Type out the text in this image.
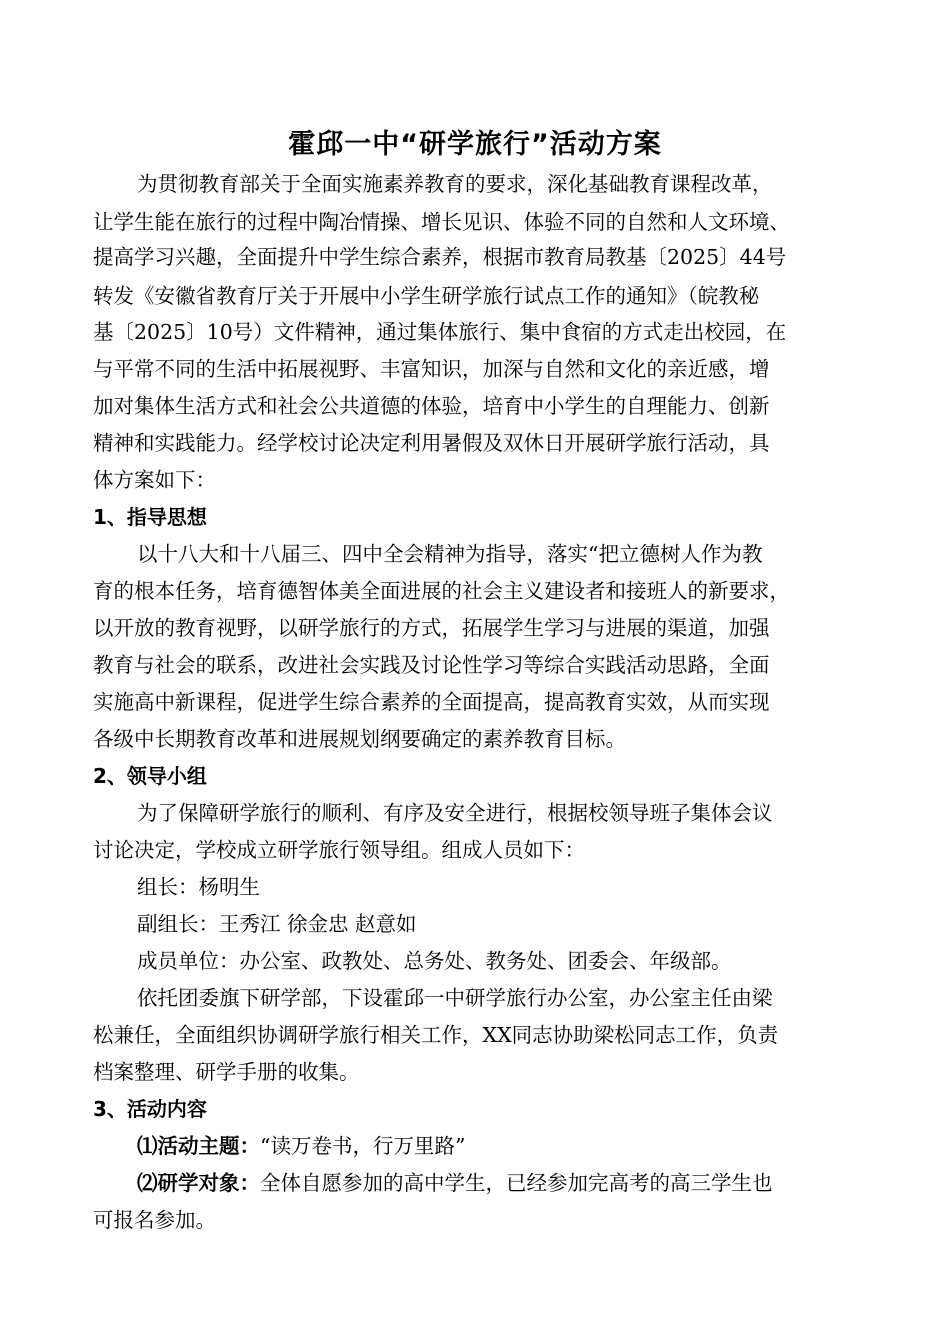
霍邱一中“研学旅行”活动方案
为贯彻教育部关于全面实施素养教育的要求，深化基础教育课程改革，
让学生能在旅行的过程中陶冶情操、增长见识、体验不同的自然和人文环境、
提高学习兴趣，全面提升中学生综合素养，根据市教育局教基〔2025〕44号
转发《安徽省教育厅关于开展中小学生研学旅行试点工作的通知》（皖教秘
基〔2025〕10号）文件精神，通过集体旅行、集中食宿的方式走出校园，在
与平常不同的生活中拓展视野、丰富知识，加深与自然和文化的亲近感，增
加对集体生活方式和社会公共道德的体验，培育中小学生的自理能力、创新
精神和实践能力。经学校讨论决定利用暑假及双休日开展研学旅行活动，具
体方案如下：
1、指导思想
以十八大和十八届三、四中全会精神为指导，落实“把立德树人作为教
育的根本任务，培育德智体美全面进展的社会主义建设者和接班人的新要求，
以开放的教育视野，以研学旅行的方式，拓展学生学习与进展的渠道，加强
教育与社会的联系，改进社会实践及讨论性学习等综合实践活动思路，全面
实施高中新课程，促进学生综合素养的全面提高，提高教育实效，从而实现
各级中长期教育改革和进展规划纲要确定的素养教育目标。
2、领导小组
为了保障研学旅行的顺利、有序及安全进行，根据校领导班子集体会议
讨论决定，学校成立研学旅行领导组。组成人员如下：
组长：杨明生
副组长：王秀江 徐金忠 赵意如
成员单位：办公室、政教处、总务处、教务处、团委会、年级部。
依托团委旗下研学部，下设霍邱一中研学旅行办公室，办公室主任由梁
松兼任，全面组织协调研学旅行相关工作，XX同志协助梁松同志工作，负责
档案整理、研学手册的收集。
3、活动内容
⑴活动主题：“读万卷书，行万里路”
⑵研学对象：全体自愿参加的高中学生，已经参加完高考的高三学生也
可报名参加。
